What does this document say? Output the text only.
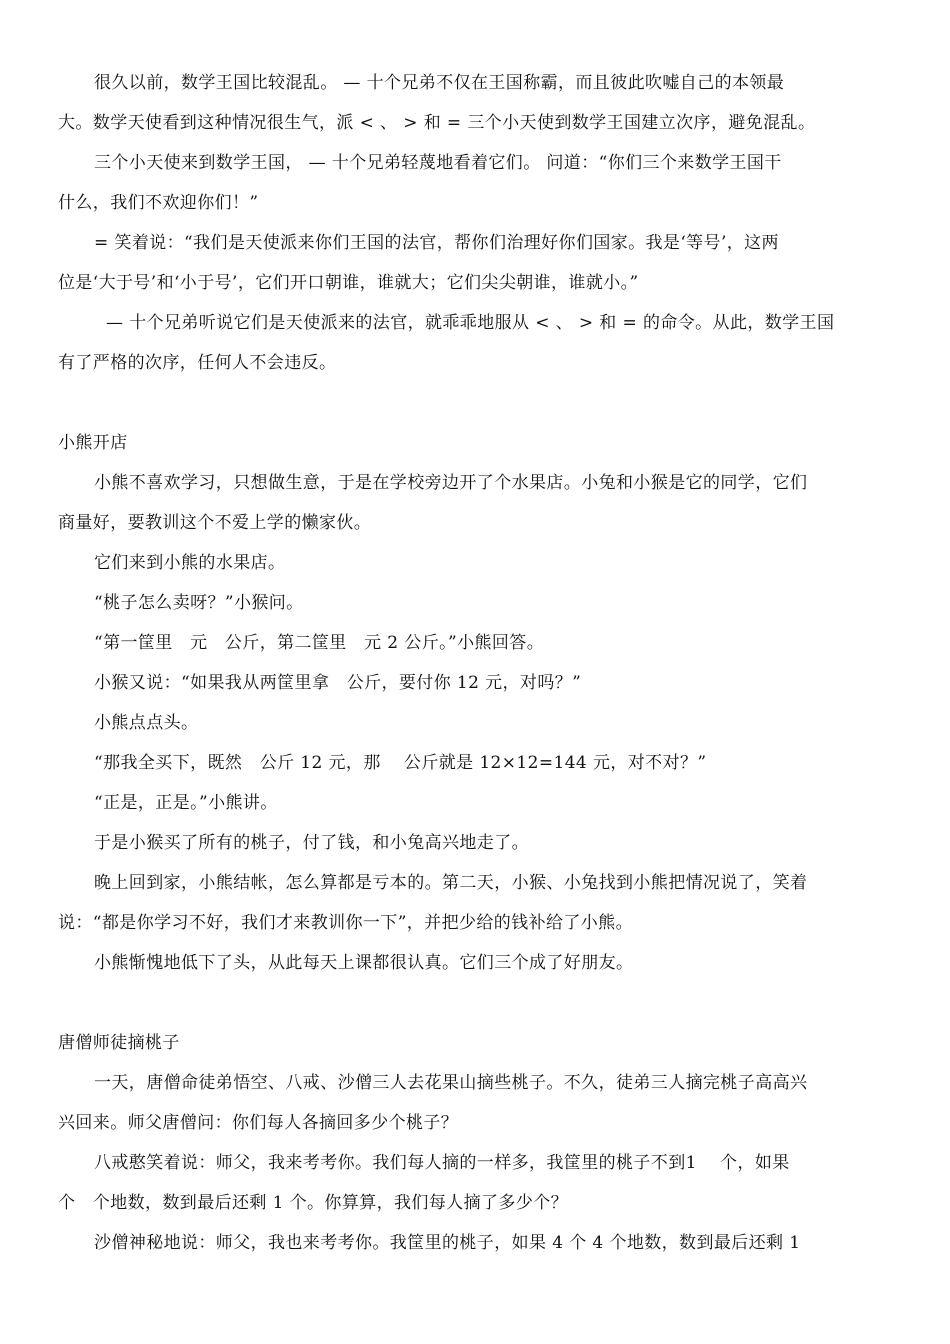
很久以前，数学王国比较混乱。 — 十个兄弟不仅在王国称霸，而且彼此吹嘘自己的本领最
大。数学天使看到这种情况很生气，派 < 、 > 和 = 三个小天使到数学王国建立次序，避免混乱。
三个小天使来到数学王国， — 十个兄弟轻蔑地看着它们。 问道：“你们三个来数学王国干
什么，我们不欢迎你们！”
= 笑着说：“我们是天使派来你们王国的法官，帮你们治理好你们国家。我是‘等号’，这两
位是‘大于号’和‘小于号’，它们开口朝谁，谁就大；它们尖尖朝谁，谁就小。”
— 十个兄弟听说它们是天使派来的法官，就乖乖地服从 < 、 > 和 = 的命令。从此，数学王国
有了严格的次序，任何人不会违反。
小熊开店
小熊不喜欢学习，只想做生意，于是在学校旁边开了个水果店。小兔和小猴是它的同学，它们
商量好，要教训这个不爱上学的懒家伙。
它们来到小熊的水果店。
“桃子怎么卖呀？”小猴问。
“第一筐里　元　公斤，第二筐里　元 2 公斤。”小熊回答。
小猴又说：“如果我从两筐里拿　公斤，要付你 12 元，对吗？”
小熊点点头。
“那我全买下，既然　公斤 12 元，那　 公斤就是 12×12=144 元，对不对？”
“正是，正是。”小熊讲。
于是小猴买了所有的桃子，付了钱，和小兔高兴地走了。
晚上回到家，小熊结帐，怎么算都是亏本的。第二天，小猴、小兔找到小熊把情况说了，笑着
说：“都是你学习不好，我们才来教训你一下”，并把少给的钱补给了小熊。
小熊惭愧地低下了头，从此每天上课都很认真。它们三个成了好朋友。
唐僧师徒摘桃子
一天，唐僧命徒弟悟空、八戒、沙僧三人去花果山摘些桃子。不久，徒弟三人摘完桃子高高兴
兴回来。师父唐僧问：你们每人各摘回多少个桃子？
八戒憨笑着说：师父，我来考考你。我们每人摘的一样多，我筐里的桃子不到1　 个，如果
个　个地数，数到最后还剩 1 个。你算算，我们每人摘了多少个？
沙僧神秘地说：师父，我也来考考你。我筐里的桃子，如果 4 个 4 个地数，数到最后还剩 1
